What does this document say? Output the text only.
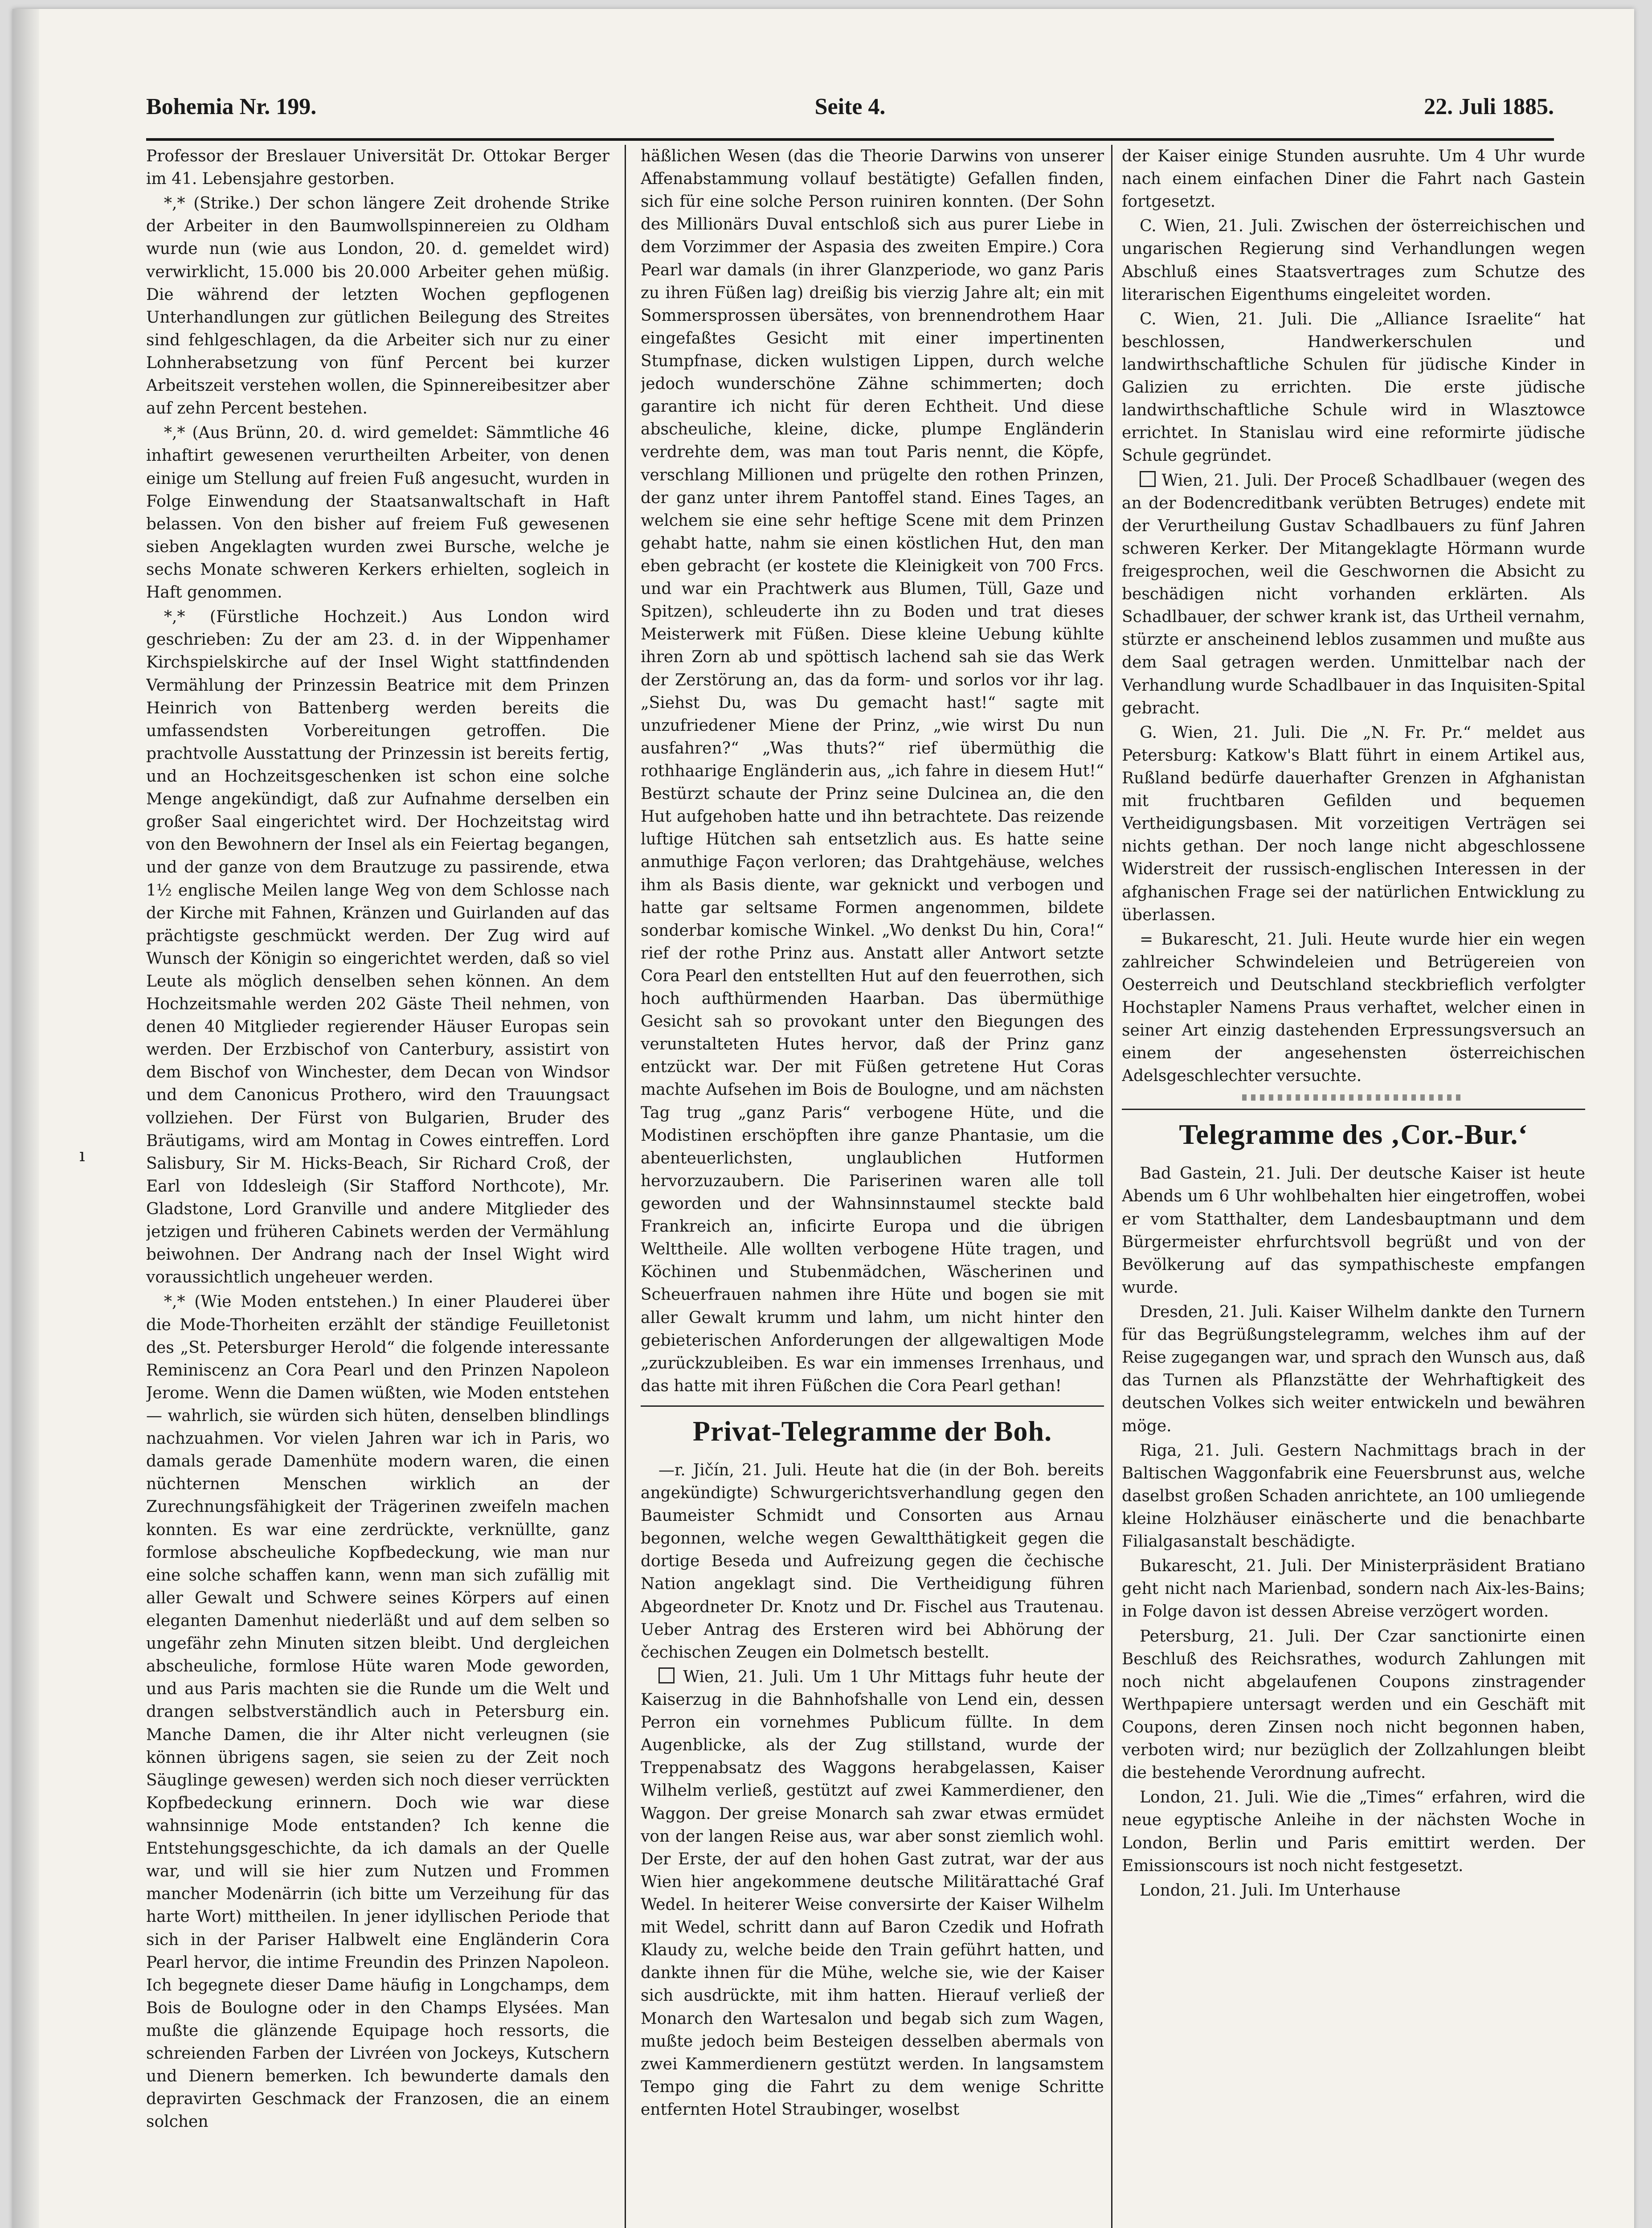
Bohemia Nr. 199.	Seite 4.	22. Juli 1885.
ı

Professor der Breslauer Universität Dr. Ottokar Berger im 41. Lebensjahre gestorben.

*,* (Strike.) Der schon längere Zeit drohende Strike der Arbeiter in den Baumwollspinnereien zu Oldham wurde nun (wie aus London, 20. d. gemeldet wird) verwirklicht, 15.000 bis 20.000 Arbeiter gehen müßig. Die während der letzten Wochen gepflogenen Unterhandlungen zur gütlichen Beilegung des Streites sind fehlgeschlagen, da die Arbeiter sich nur zu einer Lohnherabsetzung von fünf Percent bei kurzer Arbeitszeit verstehen wollen, die Spinnereibesitzer aber auf zehn Percent bestehen.

*,* (Aus Brünn, 20. d. wird gemeldet: Sämmtliche 46 inhaftirt gewesenen verurtheilten Arbeiter, von denen einige um Stellung auf freien Fuß angesucht, wurden in Folge Einwendung der Staatsanwaltschaft in Haft belassen. Von den bisher auf freiem Fuß gewesenen sieben Angeklagten wurden zwei Bursche, welche je sechs Monate schweren Kerkers erhielten, sogleich in Haft genommen.

*,* (Fürstliche Hochzeit.) Aus London wird geschrieben: Zu der am 23. d. in der Wippenhamer Kirchspielskirche auf der Insel Wight stattfindenden Vermählung der Prinzessin Beatrice mit dem Prinzen Heinrich von Battenberg werden bereits die umfassendsten Vorbereitungen getroffen. Die prachtvolle Ausstattung der Prinzessin ist bereits fertig, und an Hochzeitsgeschenken ist schon eine solche Menge angekündigt, daß zur Aufnahme derselben ein großer Saal eingerichtet wird. Der Hochzeitstag wird von den Bewohnern der Insel als ein Feiertag begangen, und der ganze von dem Brautzuge zu passirende, etwa 1½ englische Meilen lange Weg von dem Schlosse nach der Kirche mit Fahnen, Kränzen und Guirlanden auf das prächtigste geschmückt werden. Der Zug wird auf Wunsch der Königin so eingerichtet werden, daß so viel Leute als möglich denselben sehen können. An dem Hochzeitsmahle werden 202 Gäste Theil nehmen, von denen 40 Mitglieder regierender Häuser Europas sein werden. Der Erzbischof von Canterbury, assistirt von dem Bischof von Winchester, dem Decan von Windsor und dem Canonicus Prothero, wird den Trauungsact vollziehen. Der Fürst von Bulgarien, Bruder des Bräutigams, wird am Montag in Cowes eintreffen. Lord Salisbury, Sir M. Hicks-Beach, Sir Richard Croß, der Earl von Iddesleigh (Sir Stafford Northcote), Mr. Gladstone, Lord Granville und andere Mitglieder des jetzigen und früheren Cabinets werden der Vermählung beiwohnen. Der Andrang nach der Insel Wight wird voraussichtlich ungeheuer werden.

*,* (Wie Moden entstehen.) In einer Plauderei über die Mode-Thorheiten erzählt der ständige Feuilletonist des „St. Petersburger Herold“ die folgende interessante Reminiscenz an Cora Pearl und den Prinzen Napoleon Jerome. Wenn die Damen wüßten, wie Moden entstehen — wahrlich, sie würden sich hüten, denselben blindlings nachzuahmen. Vor vielen Jahren war ich in Paris, wo damals gerade Damenhüte modern waren, die einen nüchternen Menschen wirklich an der Zurechnungsfähigkeit der Trägerinen zweifeln machen konnten. Es war eine zerdrückte, verknüllte, ganz formlose abscheuliche Kopfbedeckung, wie man nur eine solche schaffen kann, wenn man sich zufällig mit aller Gewalt und Schwere seines Körpers auf einen eleganten Damenhut niederläßt und auf dem selben so ungefähr zehn Minuten sitzen bleibt. Und dergleichen abscheuliche, formlose Hüte waren Mode geworden, und aus Paris machten sie die Runde um die Welt und drangen selbstverständlich auch in Petersburg ein. Manche Damen, die ihr Alter nicht verleugnen (sie können übrigens sagen, sie seien zu der Zeit noch Säuglinge gewesen) werden sich noch dieser verrückten Kopfbedeckung erinnern. Doch wie war diese wahnsinnige Mode entstanden? Ich kenne die Entstehungsgeschichte, da ich damals an der Quelle war, und will sie hier zum Nutzen und Frommen mancher Modenärrin (ich bitte um Verzeihung für das harte Wort) mittheilen. In jener idyllischen Periode that sich in der Pariser Halbwelt eine Engländerin Cora Pearl hervor, die intime Freundin des Prinzen Napoleon. Ich begegnete dieser Dame häufig in Longchamps, dem Bois de Boulogne oder in den Champs Elysées. Man mußte die glänzende Equipage hoch ressorts, die schreienden Farben der Livréen von Jockeys, Kutschern und Dienern bemerken. Ich bewunderte damals den depravirten Geschmack der Franzosen, die an einem solchen

häßlichen Wesen (das die Theorie Darwins von unserer Affenabstammung vollauf bestätigte) Gefallen finden, sich für eine solche Person ruiniren konnten. (Der Sohn des Millionärs Duval entschloß sich aus purer Liebe in dem Vorzimmer der Aspasia des zweiten Empire.) Cora Pearl war damals (in ihrer Glanzperiode, wo ganz Paris zu ihren Füßen lag) dreißig bis vierzig Jahre alt; ein mit Sommersprossen übersätes, von brennendrothem Haar eingefaßtes Gesicht mit einer impertinenten Stumpfnase, dicken wulstigen Lippen, durch welche jedoch wunderschöne Zähne schimmerten; doch garantire ich nicht für deren Echtheit. Und diese abscheuliche, kleine, dicke, plumpe Engländerin verdrehte dem, was man tout Paris nennt, die Köpfe, verschlang Millionen und prügelte den rothen Prinzen, der ganz unter ihrem Pantoffel stand. Eines Tages, an welchem sie eine sehr heftige Scene mit dem Prinzen gehabt hatte, nahm sie einen köstlichen Hut, den man eben gebracht (er kostete die Kleinigkeit von 700 Frcs. und war ein Prachtwerk aus Blumen, Tüll, Gaze und Spitzen), schleuderte ihn zu Boden und trat dieses Meisterwerk mit Füßen. Diese kleine Uebung kühlte ihren Zorn ab und spöttisch lachend sah sie das Werk der Zerstörung an, das da form- und sorlos vor ihr lag. „Siehst Du, was Du gemacht hast!“ sagte mit unzufriedener Miene der Prinz, „wie wirst Du nun ausfahren?“ „Was thuts?“ rief übermüthig die rothhaarige Engländerin aus, „ich fahre in diesem Hut!“ Bestürzt schaute der Prinz seine Dulcinea an, die den Hut aufgehoben hatte und ihn betrachtete. Das reizende luftige Hütchen sah entsetzlich aus. Es hatte seine anmuthige Façon verloren; das Drahtgehäuse, welches ihm als Basis diente, war geknickt und verbogen und hatte gar seltsame Formen angenommen, bildete sonderbar komische Winkel. „Wo denkst Du hin, Cora!“ rief der rothe Prinz aus. Anstatt aller Antwort setzte Cora Pearl den entstellten Hut auf den feuerrothen, sich hoch aufthürmenden Haarban. Das übermüthige Gesicht sah so provokant unter den Biegungen des verunstalteten Hutes hervor, daß der Prinz ganz entzückt war. Der mit Füßen getretene Hut Coras machte Aufsehen im Bois de Boulogne, und am nächsten Tag trug „ganz Paris“ verbogene Hüte, und die Modistinen erschöpften ihre ganze Phantasie, um die abenteuerlichsten, unglaublichen Hutformen hervorzuzaubern. Die Pariserinen waren alle toll geworden und der Wahnsinnstaumel steckte bald Frankreich an, inficirte Europa und die übrigen Welttheile. Alle wollten verbogene Hüte tragen, und Köchinen und Stubenmädchen, Wäscherinen und Scheuerfrauen nahmen ihre Hüte und bogen sie mit aller Gewalt krumm und lahm, um nicht hinter den gebieterischen Anforderungen der allgewaltigen Mode „zurückzubleiben. Es war ein immenses Irrenhaus, und das hatte mit ihren Füßchen die Cora Pearl gethan!

Privat-Telegramme der Boh.

—r. Jičín, 21. Juli. Heute hat die (in der Boh. bereits angekündigte) Schwurgerichtsverhandlung gegen den Baumeister Schmidt und Consorten aus Arnau begonnen, welche wegen Gewaltthätigkeit gegen die dortige Beseda und Aufreizung gegen die čechische Nation angeklagt sind. Die Vertheidigung führen Abgeordneter Dr. Knotz und Dr. Fischel aus Trautenau. Ueber Antrag des Ersteren wird bei Abhörung der čechischen Zeugen ein Dolmetsch bestellt.

Wien, 21. Juli. Um 1 Uhr Mittags fuhr heute der Kaiserzug in die Bahnhofshalle von Lend ein, dessen Perron ein vornehmes Publicum füllte. In dem Augenblicke, als der Zug stillstand, wurde der Treppenabsatz des Waggons herabgelassen, Kaiser Wilhelm verließ, gestützt auf zwei Kammerdiener, den Waggon. Der greise Monarch sah zwar etwas ermüdet von der langen Reise aus, war aber sonst ziemlich wohl. Der Erste, der auf den hohen Gast zutrat, war der aus Wien hier angekommene deutsche Militärattaché Graf Wedel. In heiterer Weise conversirte der Kaiser Wilhelm mit Wedel, schritt dann auf Baron Czedik und Hofrath Klaudy zu, welche beide den Train geführt hatten, und dankte ihnen für die Mühe, welche sie, wie der Kaiser sich ausdrückte, mit ihm hatten. Hierauf verließ der Monarch den Wartesalon und begab sich zum Wagen, mußte jedoch beim Besteigen desselben abermals von zwei Kammerdienern gestützt werden. In langsamstem Tempo ging die Fahrt zu dem wenige Schritte entfernten Hotel Straubinger, woselbst

der Kaiser einige Stunden ausruhte. Um 4 Uhr wurde nach einem einfachen Diner die Fahrt nach Gastein fortgesetzt.

C. Wien, 21. Juli. Zwischen der österreichischen und ungarischen Regierung sind Verhandlungen wegen Abschluß eines Staatsvertrages zum Schutze des literarischen Eigenthums eingeleitet worden.

C. Wien, 21. Juli. Die „Alliance Israelite“ hat beschlossen, Handwerkerschulen und landwirthschaftliche Schulen für jüdische Kinder in Galizien zu errichten. Die erste jüdische landwirthschaftliche Schule wird in Wlasztowce errichtet. In Stanislau wird eine reformirte jüdische Schule gegründet.

Wien, 21. Juli. Der Proceß Schadlbauer (wegen des an der Bodencreditbank verübten Betruges) endete mit der Verurtheilung Gustav Schadlbauers zu fünf Jahren schweren Kerker. Der Mitangeklagte Hörmann wurde freigesprochen, weil die Geschwornen die Absicht zu beschädigen nicht vorhanden erklärten. Als Schadlbauer, der schwer krank ist, das Urtheil vernahm, stürzte er anscheinend leblos zusammen und mußte aus dem Saal getragen werden. Unmittelbar nach der Verhandlung wurde Schadlbauer in das Inquisiten-Spital gebracht.

G. Wien, 21. Juli. Die „N. Fr. Pr.“ meldet aus Petersburg: Katkow's Blatt führt in einem Artikel aus, Rußland bedürfe dauerhafter Grenzen in Afghanistan mit fruchtbaren Gefilden und bequemen Vertheidigungsbasen. Mit vorzeitigen Verträgen sei nichts gethan. Der noch lange nicht abgeschlossene Widerstreit der russisch-englischen Interessen in der afghanischen Frage sei der natürlichen Entwicklung zu überlassen.

= Bukarescht, 21. Juli. Heute wurde hier ein wegen zahlreicher Schwindeleien und Betrügereien von Oesterreich und Deutschland steckbrieflich verfolgter Hochstapler Namens Praus verhaftet, welcher einen in seiner Art einzig dastehenden Erpressungsversuch an einem der angesehensten österreichischen Adelsgeschlechter versuchte.

Telegramme des ‚Cor.-Bur.‘

Bad Gastein, 21. Juli. Der deutsche Kaiser ist heute Abends um 6 Uhr wohlbehalten hier eingetroffen, wobei er vom Statthalter, dem Landesbauptmann und dem Bürgermeister ehrfurchtsvoll begrüßt und von der Bevölkerung auf das sympathischeste empfangen wurde.

Dresden, 21. Juli. Kaiser Wilhelm dankte den Turnern für das Begrüßungstelegramm, welches ihm auf der Reise zugegangen war, und sprach den Wunsch aus, daß das Turnen als Pflanzstätte der Wehrhaftigkeit des deutschen Volkes sich weiter entwickeln und bewähren möge.

Riga, 21. Juli. Gestern Nachmittags brach in der Baltischen Waggonfabrik eine Feuersbrunst aus, welche daselbst großen Schaden anrichtete, an 100 umliegende kleine Holzhäuser einäscherte und die benachbarte Filialgasanstalt beschädigte.

Bukarescht, 21. Juli. Der Ministerpräsident Bratiano geht nicht nach Marienbad, sondern nach Aix-les-Bains; in Folge davon ist dessen Abreise verzögert worden.

Petersburg, 21. Juli. Der Czar sanctionirte einen Beschluß des Reichsrathes, wodurch Zahlungen mit noch nicht abgelaufenen Coupons zinstragender Werthpapiere untersagt werden und ein Geschäft mit Coupons, deren Zinsen noch nicht begonnen haben, verboten wird; nur bezüglich der Zollzahlungen bleibt die bestehende Verordnung aufrecht.

London, 21. Juli. Wie die „Times“ erfahren, wird die neue egyptische Anleihe in der nächsten Woche in London, Berlin und Paris emittirt werden. Der Emissionscours ist noch nicht festgesetzt.

London, 21. Juli. Im Unterhause
